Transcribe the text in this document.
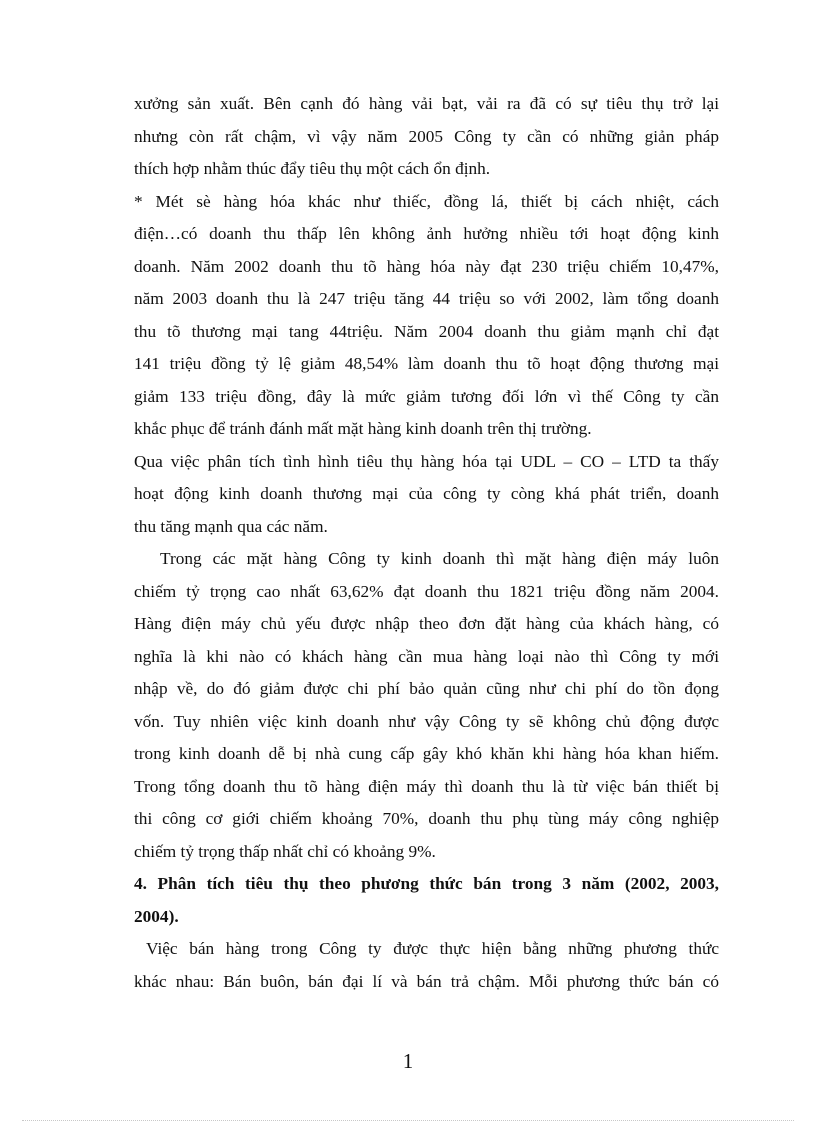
xưởng sản xuất. Bên cạnh đó hàng vải bạt, vải ra đã có sự tiêu thụ trở lại
nhưng còn rất chậm, vì vậy năm 2005 Công ty cần có những giản pháp
thích hợp nhằm thúc đẩy tiêu thụ một cách ổn định.
* Mét sè hàng hóa khác như thiếc, đồng lá, thiết bị cách nhiệt, cách
điện…có doanh thu thấp lên không ảnh hưởng nhiều tới hoạt động kinh
doanh. Năm 2002 doanh thu tõ hàng hóa này đạt 230 triệu chiếm 10,47%,
năm 2003 doanh thu là 247 triệu tăng 44 triệu so với 2002, làm tổng doanh
thu tõ thương mại tang 44triệu. Năm 2004 doanh thu giảm mạnh chỉ đạt
141 triệu đồng tỷ lệ giảm 48,54% làm doanh thu tõ hoạt động thương mại
giảm 133 triệu đồng, đây là mức giảm tương đối lớn vì thế Công ty cần
khắc phục để tránh đánh mất mặt hàng kinh doanh trên thị trường.
Qua việc phân tích tình hình tiêu thụ hàng hóa tại UDL – CO – LTD ta thấy
hoạt động kinh doanh thương mại của công ty còng khá phát triển, doanh
thu tăng mạnh qua các năm.
Trong các mặt hàng Công ty kinh doanh thì mặt hàng điện máy luôn
chiếm tỷ trọng cao nhất 63,62% đạt doanh thu 1821 triệu đồng năm 2004.
Hàng điện máy chủ yếu được nhập theo đơn đặt hàng của khách hàng, có
nghĩa là khi nào có khách hàng cần mua hàng loại nào thì Công ty mới
nhập về, do đó giảm được chi phí bảo quản cũng như chi phí do tồn đọng
vốn. Tuy nhiên việc kinh doanh như vậy Công ty sẽ không chủ động được
trong kinh doanh dễ bị nhà cung cấp gây khó khăn khi hàng hóa khan hiếm.
Trong tổng doanh thu tõ hàng điện máy thì doanh thu là từ việc bán thiết bị
thi công cơ giới chiếm khoảng 70%, doanh thu phụ tùng máy công nghiệp
chiếm tỷ trọng thấp nhất chỉ có khoảng 9%.
4. Phân tích tiêu thụ theo phương thức bán trong 3 năm (2002, 2003,
2004).
Việc bán hàng trong Công ty được thực hiện bằng những phương thức
khác nhau: Bán buôn, bán đại lí và bán trả chậm. Mỗi phương thức bán có
1
